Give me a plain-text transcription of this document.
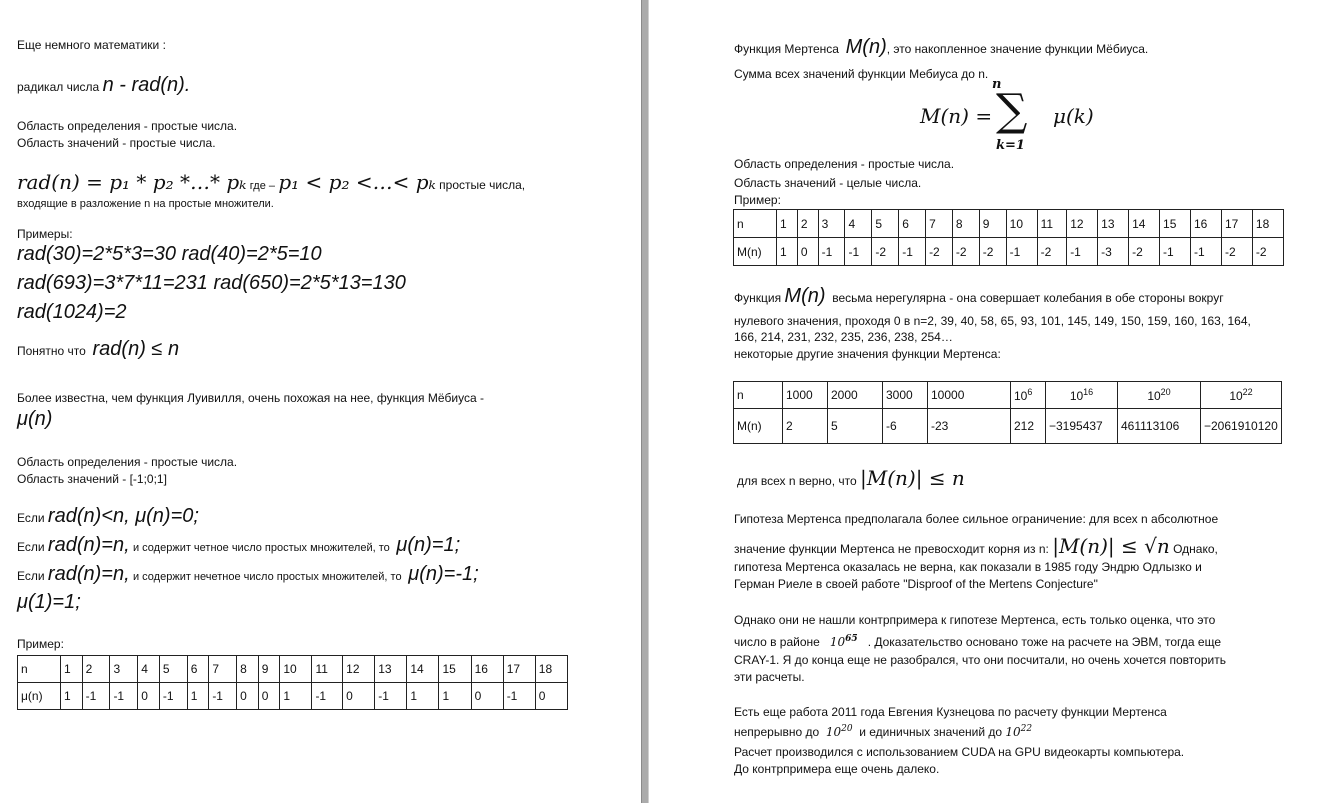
Еще немного математики :
радикал числа n - rad(n).
Область определения - простые числа.
Область значений - простые числа.
rad(n) = p₁ * p₂ *…* pₖ где – p₁ < p₂ <…< pₖ простые числа,
входящие в разложение n на простые множители.
Примеры:
rad(30)=2*5*3=30 rad(40)=2*5=10
rad(693)=3*7*11=231 rad(650)=2*5*13=130
rad(1024)=2
Понятно что rad(n) ≤ n
Более известна, чем функция Луивилля, очень похожая на нее, функция Мёбиуса -
μ(n)
Область определения - простые числа.
Область значений - [-1;0;1]
Если rad(n)<n, μ(n)=0;
Если rad(n)=n, и содержит четное число простых множителей, то μ(n)=1;
Если rad(n)=n, и содержит нечетное число простых множителей, то μ(n)=-1;
μ(1)=1;
Пример:
n	1	2	3	4	5	6	7	8	9	10	11	12	13	14	15	16	17	18
μ(n)	1	-1	-1	0	-1	1	-1	0	0	1	-1	0	-1	1	1	0	-1	0
Функция Мертенса M(n), это накопленное значение функции Мёбиуса.
Сумма всех значений функции Мебиуса до n.
M(n) =
n
∑
k=1
μ(k)
Область определения - простые числа.
Область значений - целые числа.
Пример:
n	1	2	3	4	5	6	7	8	9	10	11	12	13	14	15	16	17	18
M(n)	1	0	-1	-1	-2	-1	-2	-2	-2	-1	-2	-1	-3	-2	-1	-1	-2	-2
Функция M(n) весьма нерегулярна - она совершает колебания в обе стороны вокруг
нулевого значения, проходя 0 в n=2, 39, 40, 58, 65, 93, 101, 145, 149, 150, 159, 160, 163, 164,
166, 214, 231, 232, 235, 236, 238, 254…
некоторые другие значения функции Мертенса:
n	1000	2000	3000	10000	$10^6$	$10^{16}$	$10^{20}$	$10^{22}$
M(n)	2	5	-6	-23	212	−3195437	461113106	−2061910120
для всех n верно, что |M(n)| ≤ n
Гипотеза Мертенса предполагала более сильное ограничение: для всех n абсолютное
значение функции Мертенса не превосходит корня из n: |M(n)| ≤ √n Однако,
гипотеза Мертенса оказалась не верна, как показали в 1985 году Эндрю Одлызко и
Герман Риеле в своей работе "Disproof of the Mertens Conjecture"
Однако они не нашли контрпримера к гипотезе Мертенса, есть только оценка, что это
число в районе $10^{65}$ . Доказательство основано тоже на расчете на ЭВМ, тогда еще
CRAY-1. Я до конца еще не разобрался, что они посчитали, но очень хочется повторить
эти расчеты.
Есть еще работа 2011 года Евгения Кузнецова по расчету функции Мертенса
непрерывно до $10^{20}$ и единичных значений до $10^{22}$
Расчет производился с использованием CUDA на GPU видеокарты компьютера.
До контрпримера еще очень далеко.
